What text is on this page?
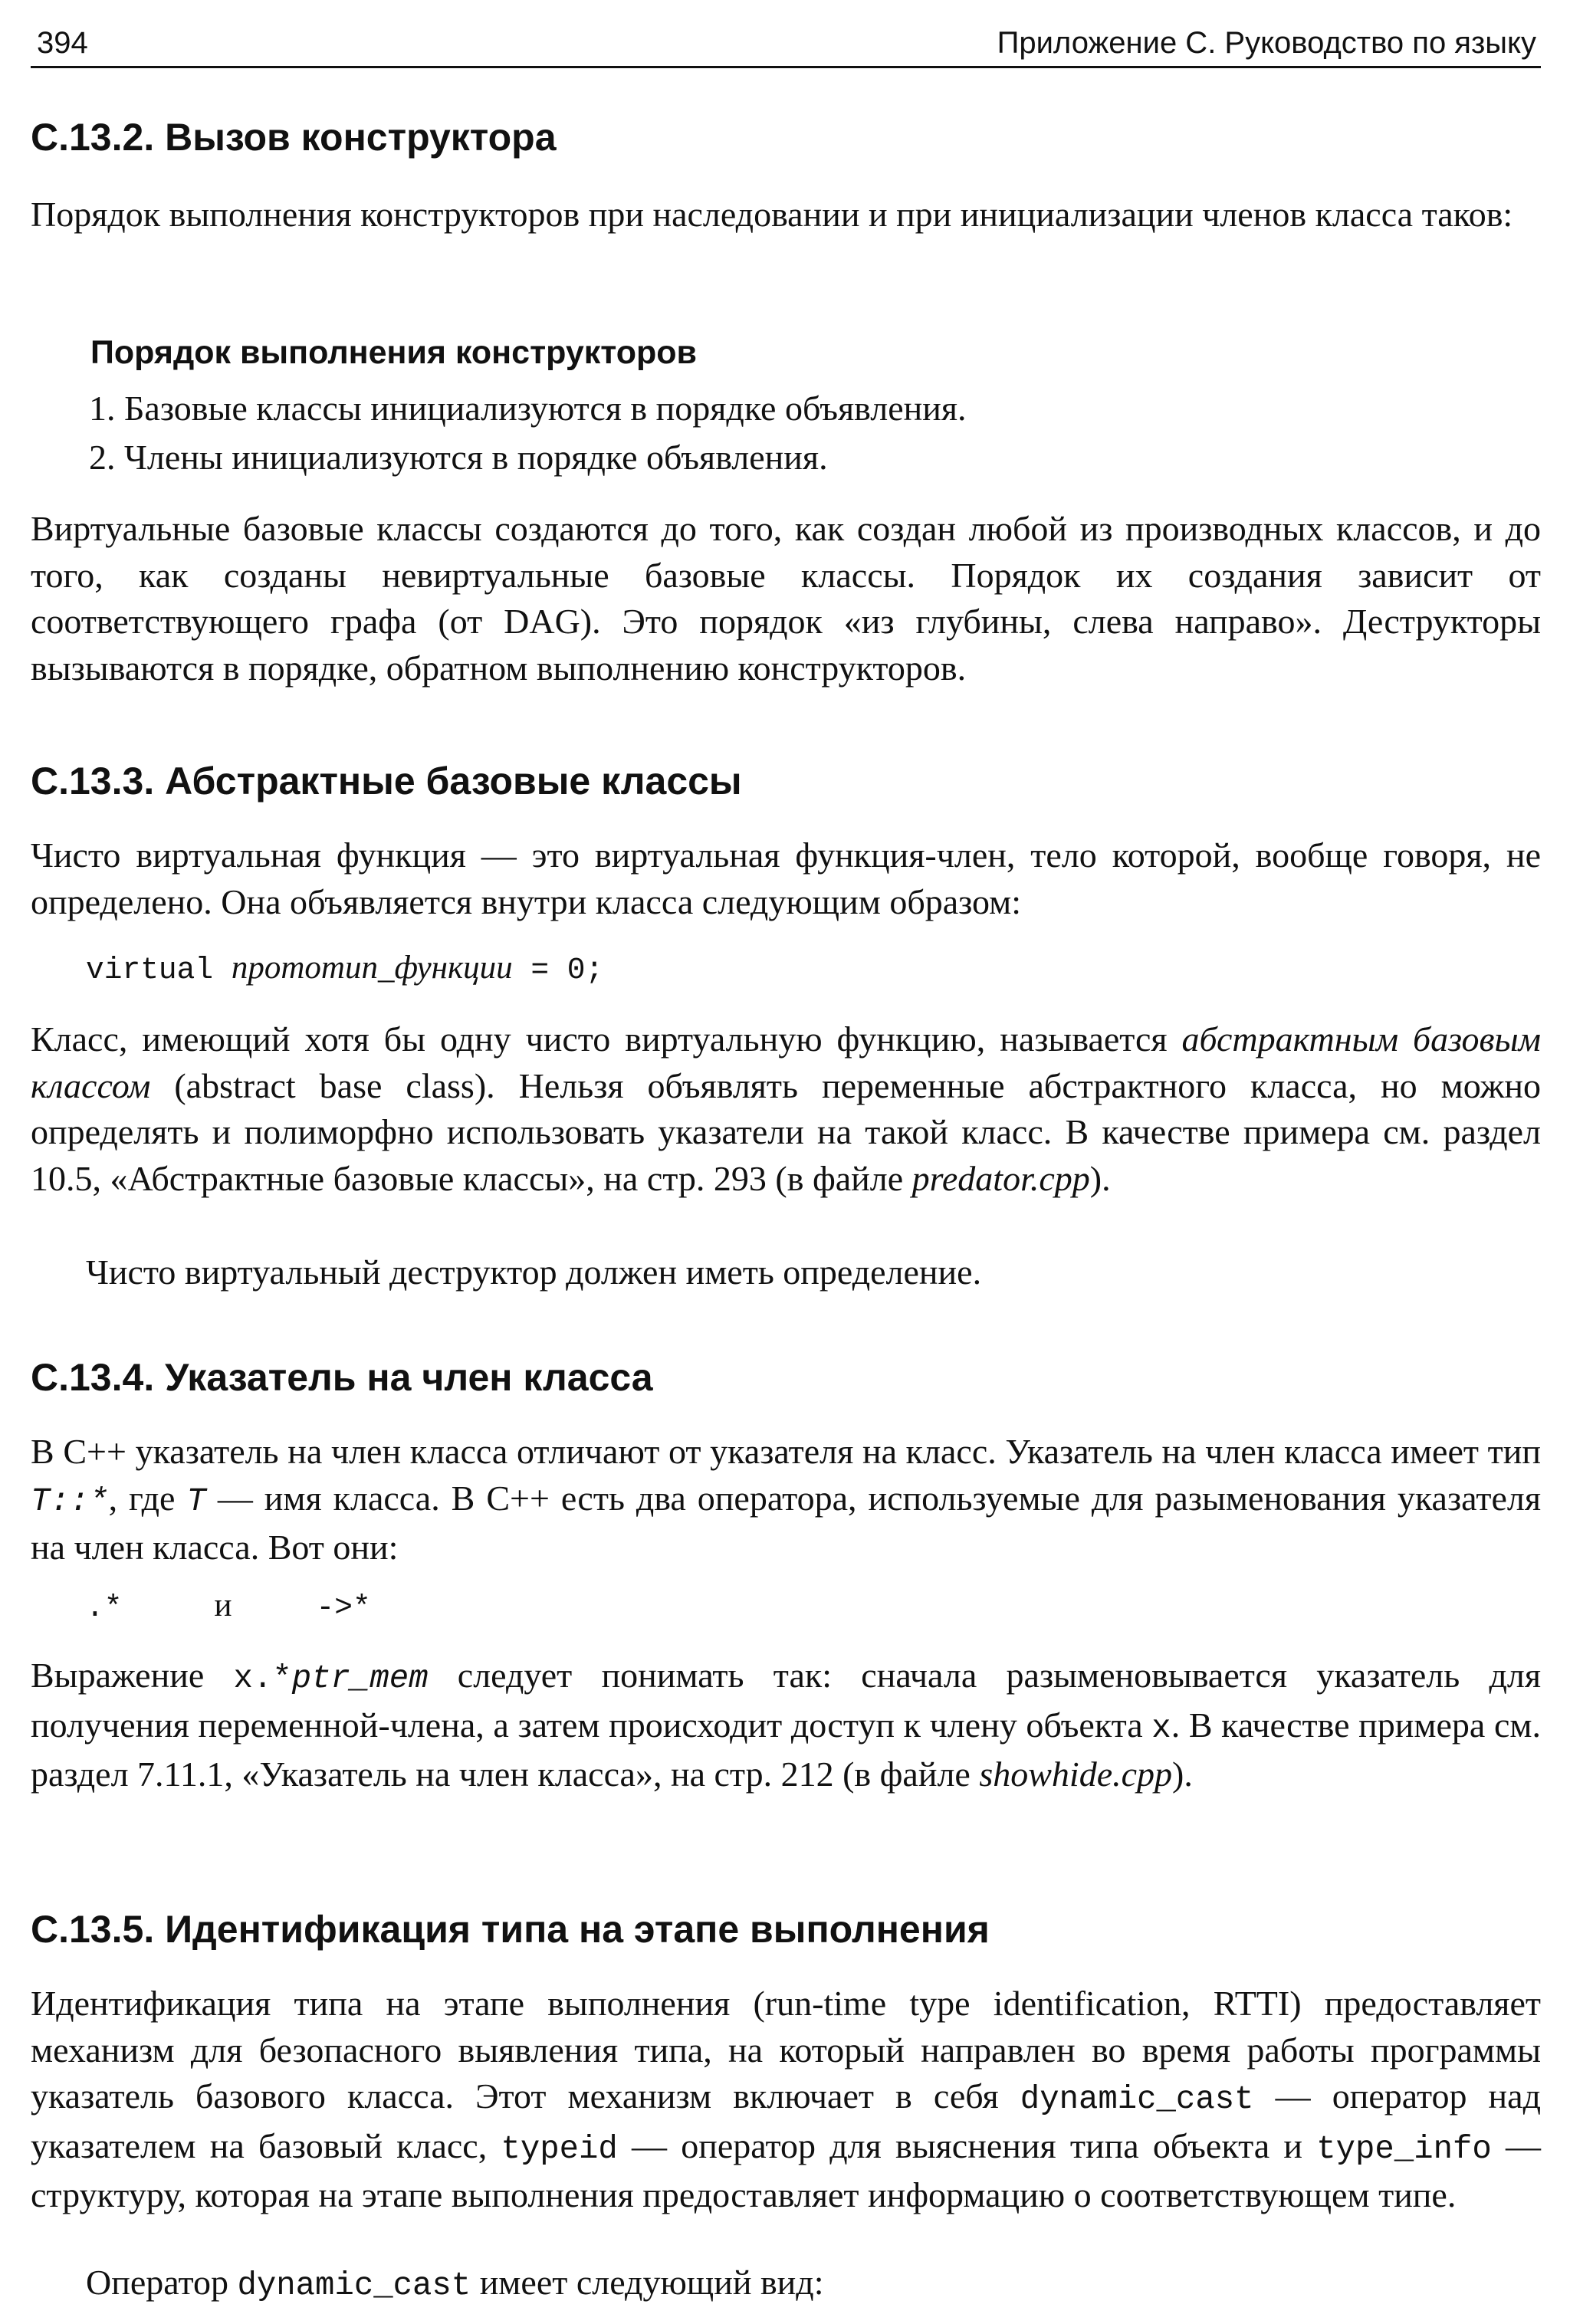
394	Приложение C. Руководство по языку
C.13.2. Вызов конструктора

Порядок выполнения конструкторов при наследовании и при инициализации членов класса таков:

Порядок выполнения конструкторов

1. Базовые классы инициализуются в порядке объявления.

2. Члены инициализуются в порядке объявления.

Виртуальные базовые классы создаются до того, как создан любой из производных классов, и до того, как созданы невиртуальные базовые классы. Порядок их создания зависит от соответствующего графа (от DAG). Это порядок «из глубины, слева направо». Деструкторы вызываются в порядке, обратном выполнению конструкторов.

C.13.3. Абстрактные базовые классы

Чисто виртуальная функция — это виртуальная функция-член, тело которой, вообще говоря, не определено. Она объявляется внутри класса следующим образом:

virtual прототип_функции = 0;

Класс, имеющий хотя бы одну чисто виртуальную функцию, называется абстрактным базовым классом (abstract base class). Нельзя объявлять переменные абстрактного класса, но можно определять и полиморфно использовать указатели на такой класс. В качестве примера см. раздел 10.5, «Абстрактные базовые классы», на стр. 293 (в файле predator.cpp).

Чисто виртуальный деструктор должен иметь определение.

C.13.4. Указатель на член класса

В C++ указатель на член класса отличают от указателя на класс. Указатель на член класса имеет тип T::*, где T — имя класса. В C++ есть два оператора, используемые для разыменования указателя на член класса. Вот они:

.*	и	->*

Выражение x.*ptr_mem следует понимать так: сначала разыменовывается указатель для получения переменной-члена, а затем происходит доступ к члену объекта x. В качестве примера см. раздел 7.11.1, «Указатель на член класса», на стр. 212 (в файле showhide.cpp).

C.13.5. Идентификация типа на этапе выполнения

Идентификация типа на этапе выполнения (run-time type identification, RTTI) предоставляет механизм для безопасного выявления типа, на который направлен во время работы программы указатель базового класса. Этот механизм включает в себя dynamic_cast — оператор над указателем на базовый класс, typeid — оператор для выяснения типа объекта и type_info — структуру, которая на этапе выполнения предоставляет информацию о соответствующем типе.

Оператор dynamic_cast имеет следующий вид:
